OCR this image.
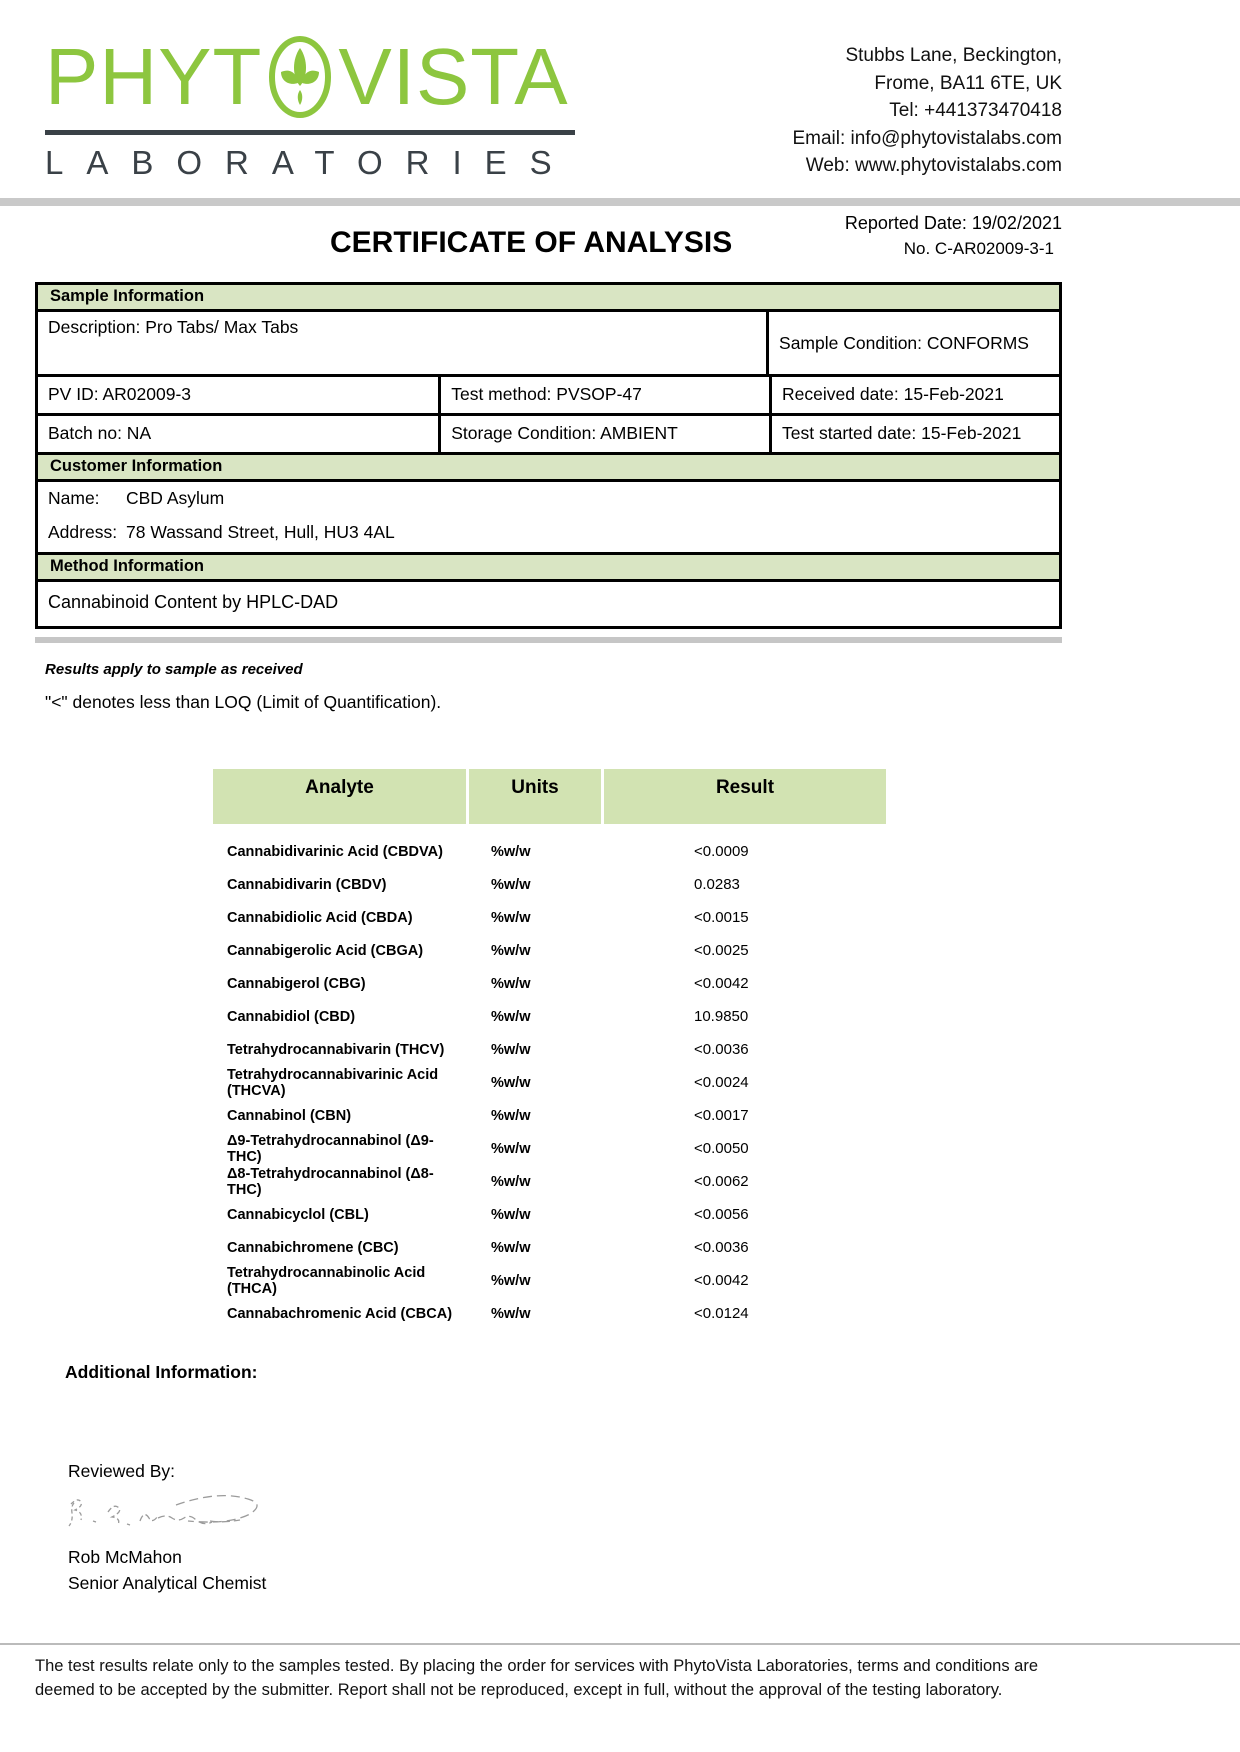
PHYT VISTA
LABORATORIES
Stubbs Lane, Beckington,
Frome, BA11 6TE, UK
Tel: +441373470418
Email: info@phytovistalabs.com
Web: www.phytovistalabs.com
CERTIFICATE OF ANALYSIS
Reported Date: 19/02/2021
No. C-AR02009-3-1
Sample Information
Description: Pro Tabs/ Max Tabs
Sample Condition: CONFORMS
PV ID: AR02009-3	Test method: PVSOP-47	Received date: 15-Feb-2021
Batch no: NA	Storage Condition: AMBIENT	Test started date: 15-Feb-2021
Customer Information
Name: CBD Asylum
Address: 78 Wassand Street, Hull, HU3 4AL
Method Information
Cannabinoid Content by HPLC-DAD
Results apply to sample as received
"<" denotes less than LOQ (Limit of Quantification).
Analyte	Units	Result
Cannabidivarinic Acid (CBDVA)	%w/w	<0.0009
Cannabidivarin (CBDV)	%w/w	0.0283
Cannabidiolic Acid (CBDA)	%w/w	<0.0015
Cannabigerolic Acid (CBGA)	%w/w	<0.0025
Cannabigerol (CBG)	%w/w	<0.0042
Cannabidiol (CBD)	%w/w	10.9850
Tetrahydrocannabivarin (THCV)	%w/w	<0.0036
Tetrahydrocannabivarinic Acid (THCVA)	%w/w	<0.0024
Cannabinol (CBN)	%w/w	<0.0017
Δ9-Tetrahydrocannabinol (Δ9-THC)	%w/w	<0.0050
Δ8-Tetrahydrocannabinol (Δ8-THC)	%w/w	<0.0062
Cannabicyclol (CBL)	%w/w	<0.0056
Cannabichromene (CBC)	%w/w	<0.0036
Tetrahydrocannabinolic Acid (THCA)	%w/w	<0.0042
Cannabachromenic Acid (CBCA)	%w/w	<0.0124
Additional Information:
Reviewed By:
Rob McMahon
Senior Analytical Chemist
The test results relate only to the samples tested. By placing the order for services with PhytoVista Laboratories, terms and conditions are
deemed to be accepted by the submitter. Report shall not be reproduced, except in full, without the approval of the testing laboratory.
